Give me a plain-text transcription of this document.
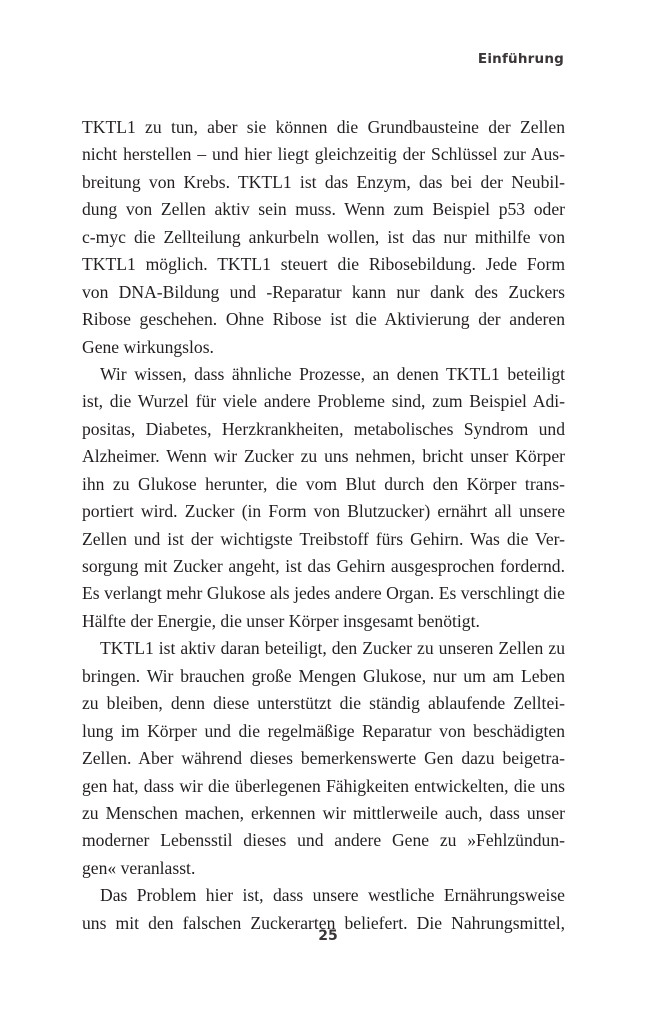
Einführung
TKTL1 zu tun, aber sie können die Grundbausteine der Zellen
nicht herstellen – und hier liegt gleichzeitig der Schlüssel zur Aus-
breitung von Krebs. TKTL1 ist das Enzym, das bei der Neubil-
dung von Zellen aktiv sein muss. Wenn zum Beispiel p53 oder
c-myc die Zellteilung ankurbeln wollen, ist das nur mithilfe von
TKTL1 möglich. TKTL1 steuert die Ribosebildung. Jede Form
von DNA-Bildung und -Reparatur kann nur dank des Zuckers
Ribose geschehen. Ohne Ribose ist die Aktivierung der anderen
Gene wirkungslos.
Wir wissen, dass ähnliche Prozesse, an denen TKTL1 beteiligt
ist, die Wurzel für viele andere Probleme sind, zum Beispiel Adi-
positas, Diabetes, Herzkrankheiten, metabolisches Syndrom und
Alzheimer. Wenn wir Zucker zu uns nehmen, bricht unser Körper
ihn zu Glukose herunter, die vom Blut durch den Körper trans-
portiert wird. Zucker (in Form von Blutzucker) ernährt all unsere
Zellen und ist der wichtigste Treibstoff fürs Gehirn. Was die Ver-
sorgung mit Zucker angeht, ist das Gehirn ausgesprochen fordernd.
Es verlangt mehr Glukose als jedes andere Organ. Es verschlingt die
Hälfte der Energie, die unser Körper insgesamt benötigt.
TKTL1 ist aktiv daran beteiligt, den Zucker zu unseren Zellen zu
bringen. Wir brauchen große Mengen Glukose, nur um am Leben
zu bleiben, denn diese unterstützt die ständig ablaufende Zelltei-
lung im Körper und die regelmäßige Reparatur von beschädigten
Zellen. Aber während dieses bemerkenswerte Gen dazu beigetra-
gen hat, dass wir die überlegenen Fähigkeiten entwickelten, die uns
zu Menschen machen, erkennen wir mittlerweile auch, dass unser
moderner Lebensstil dieses und andere Gene zu »Fehlzündun-
gen« veranlasst.
Das Problem hier ist, dass unsere westliche Ernährungsweise
uns mit den falschen Zuckerarten beliefert. Die Nahrungsmittel,
25
